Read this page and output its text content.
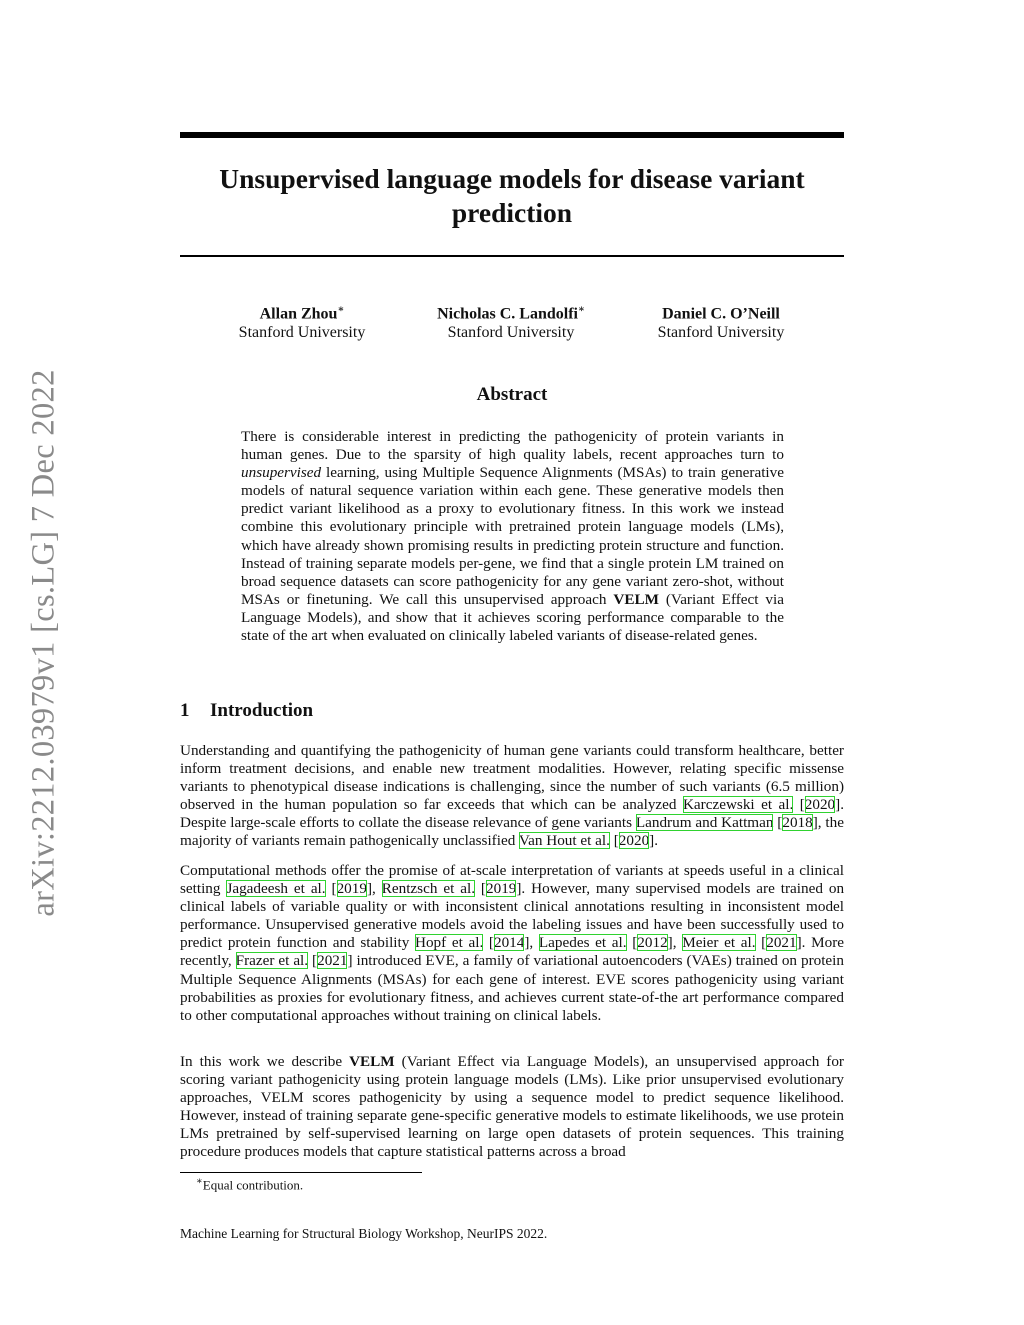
arXiv:2212.03979v1 [cs.LG] 7 Dec 2022
Unsupervised language models for disease variant prediction
Allan Zhou∗
Stanford University
Nicholas C. Landolfi∗
Stanford University
Daniel C. O’Neill
Stanford University
Abstract

There is considerable interest in predicting the pathogenicity of protein variants in human genes. Due to the sparsity of high quality labels, recent approaches turn to unsupervised learning, using Multiple Sequence Alignments (MSAs) to train generative models of natural sequence variation within each gene. These generative models then predict variant likelihood as a proxy to evolutionary fitness. In this work we instead combine this evolutionary principle with pretrained protein language models (LMs), which have already shown promising results in predicting protein structure and function. Instead of training separate models per-gene, we find that a single protein LM trained on broad sequence datasets can score pathogenicity for any gene variant zero-shot, without MSAs or finetuning. We call this unsupervised approach VELM (Variant Effect via Language Models), and show that it achieves scoring performance comparable to the state of the art when evaluated on clinically labeled variants of disease-related genes.

1 Introduction

Understanding and quantifying the pathogenicity of human gene variants could transform healthcare, better inform treatment decisions, and enable new treatment modalities. However, relating specific missense variants to phenotypical disease indications is challenging, since the number of such variants (6.5 million) observed in the human population so far exceeds that which can be analyzed Karczewski et al. [2020]. Despite large-scale efforts to collate the disease relevance of gene variants Landrum and Kattman [2018], the majority of variants remain pathogenically unclassified Van Hout et al. [2020].

Computational methods offer the promise of at-scale interpretation of variants at speeds useful in a clinical setting Jagadeesh et al. [2019], Rentzsch et al. [2019]. However, many supervised models are trained on clinical labels of variable quality or with inconsistent clinical annotations resulting in inconsistent model performance. Unsupervised generative models avoid the labeling issues and have been successfully used to predict protein function and stability Hopf et al. [2014], Lapedes et al. [2012], Meier et al. [2021]. More recently, Frazer et al. [2021] introduced EVE, a family of variational autoencoders (VAEs) trained on protein Multiple Sequence Alignments (MSAs) for each gene of interest. EVE scores pathogenicity using variant probabilities as proxies for evolutionary fitness, and achieves current state-of-the art performance compared to other computational approaches without training on clinical labels.

In this work we describe VELM (Variant Effect via Language Models), an unsupervised approach for scoring variant pathogenicity using protein language models (LMs). Like prior unsupervised evolutionary approaches, VELM scores pathogenicity by using a sequence model to predict sequence likelihood. However, instead of training separate gene-specific generative models to estimate likelihoods, we use protein LMs pretrained by self-supervised learning on large open datasets of protein sequences. This training procedure produces models that capture statistical patterns across a broad

∗Equal contribution.

Machine Learning for Structural Biology Workshop, NeurIPS 2022.
